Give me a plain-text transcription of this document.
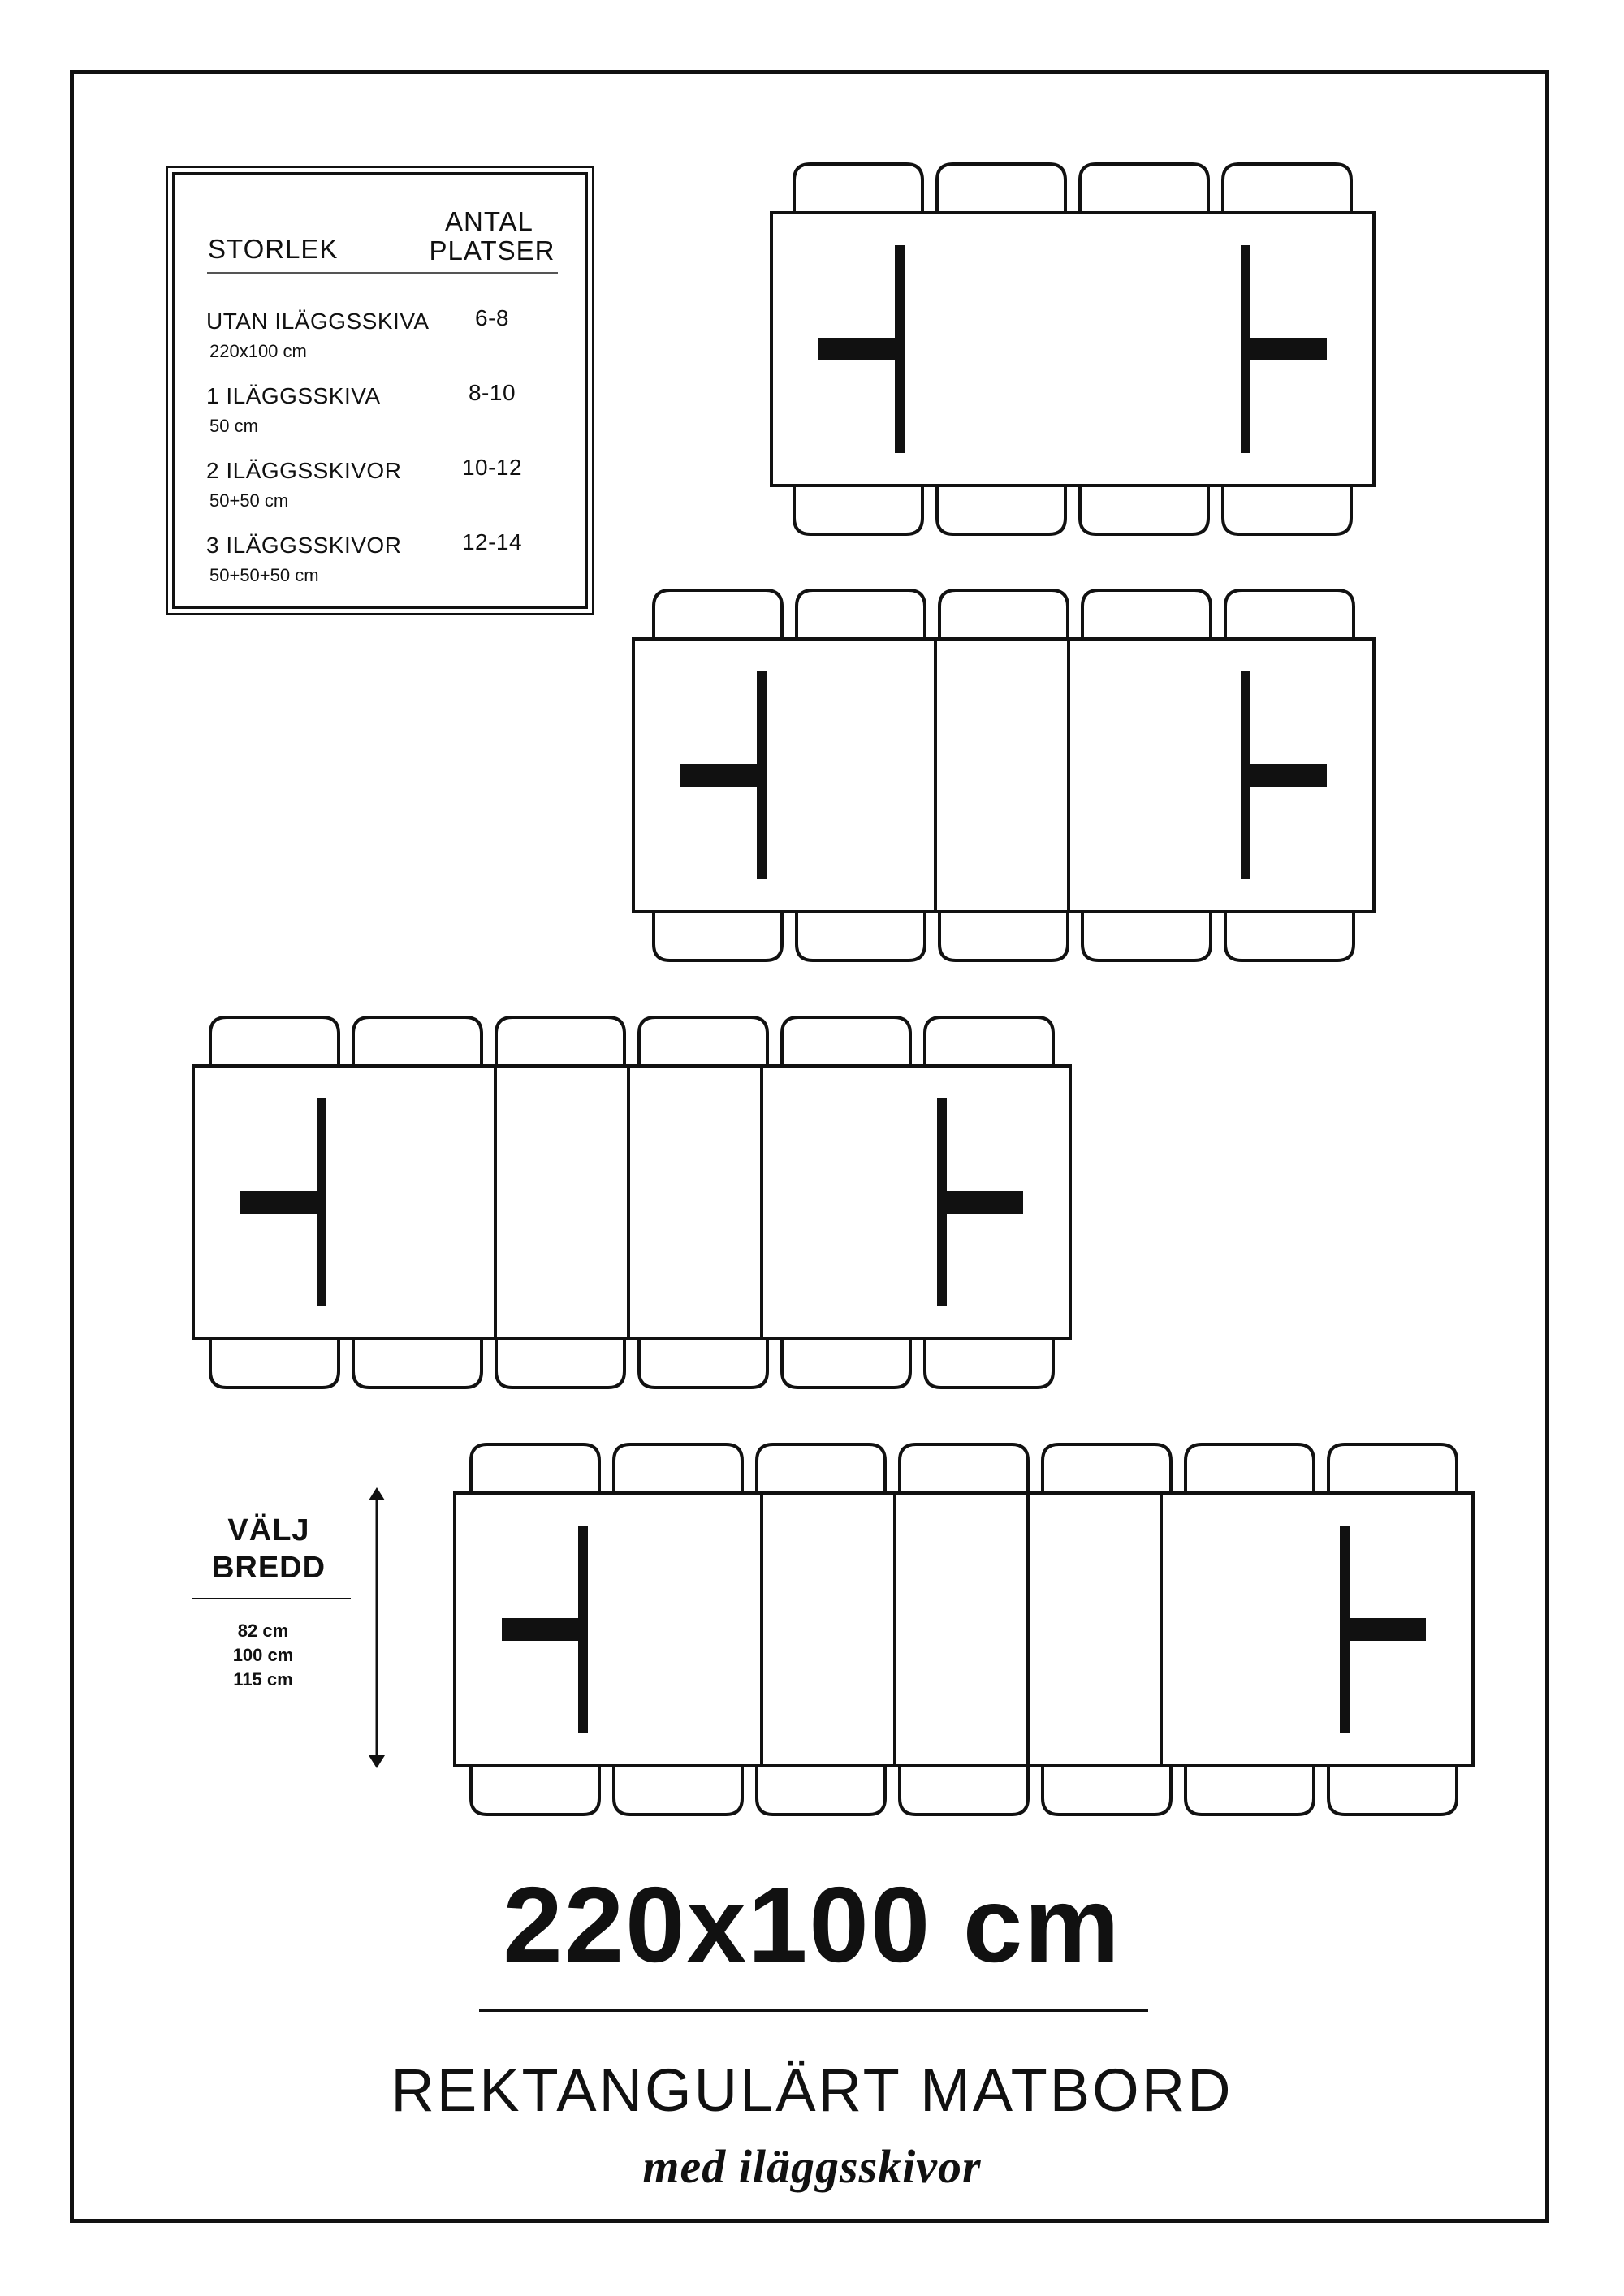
STORLEK
ANTAL
PLATSER
UTAN ILÄGGSSKIVA
220x100 cm
6-8
1 ILÄGGSSKIVA
50 cm
8-10
2 ILÄGGSSKIVOR
50+50 cm
10-12
3 ILÄGGSSKIVOR
50+50+50 cm
12-14
VÄLJ
BREDD
82 cm
100 cm
115 cm
220x100 cm
REKTANGULÄRT MATBORD
med iläggsskivor
